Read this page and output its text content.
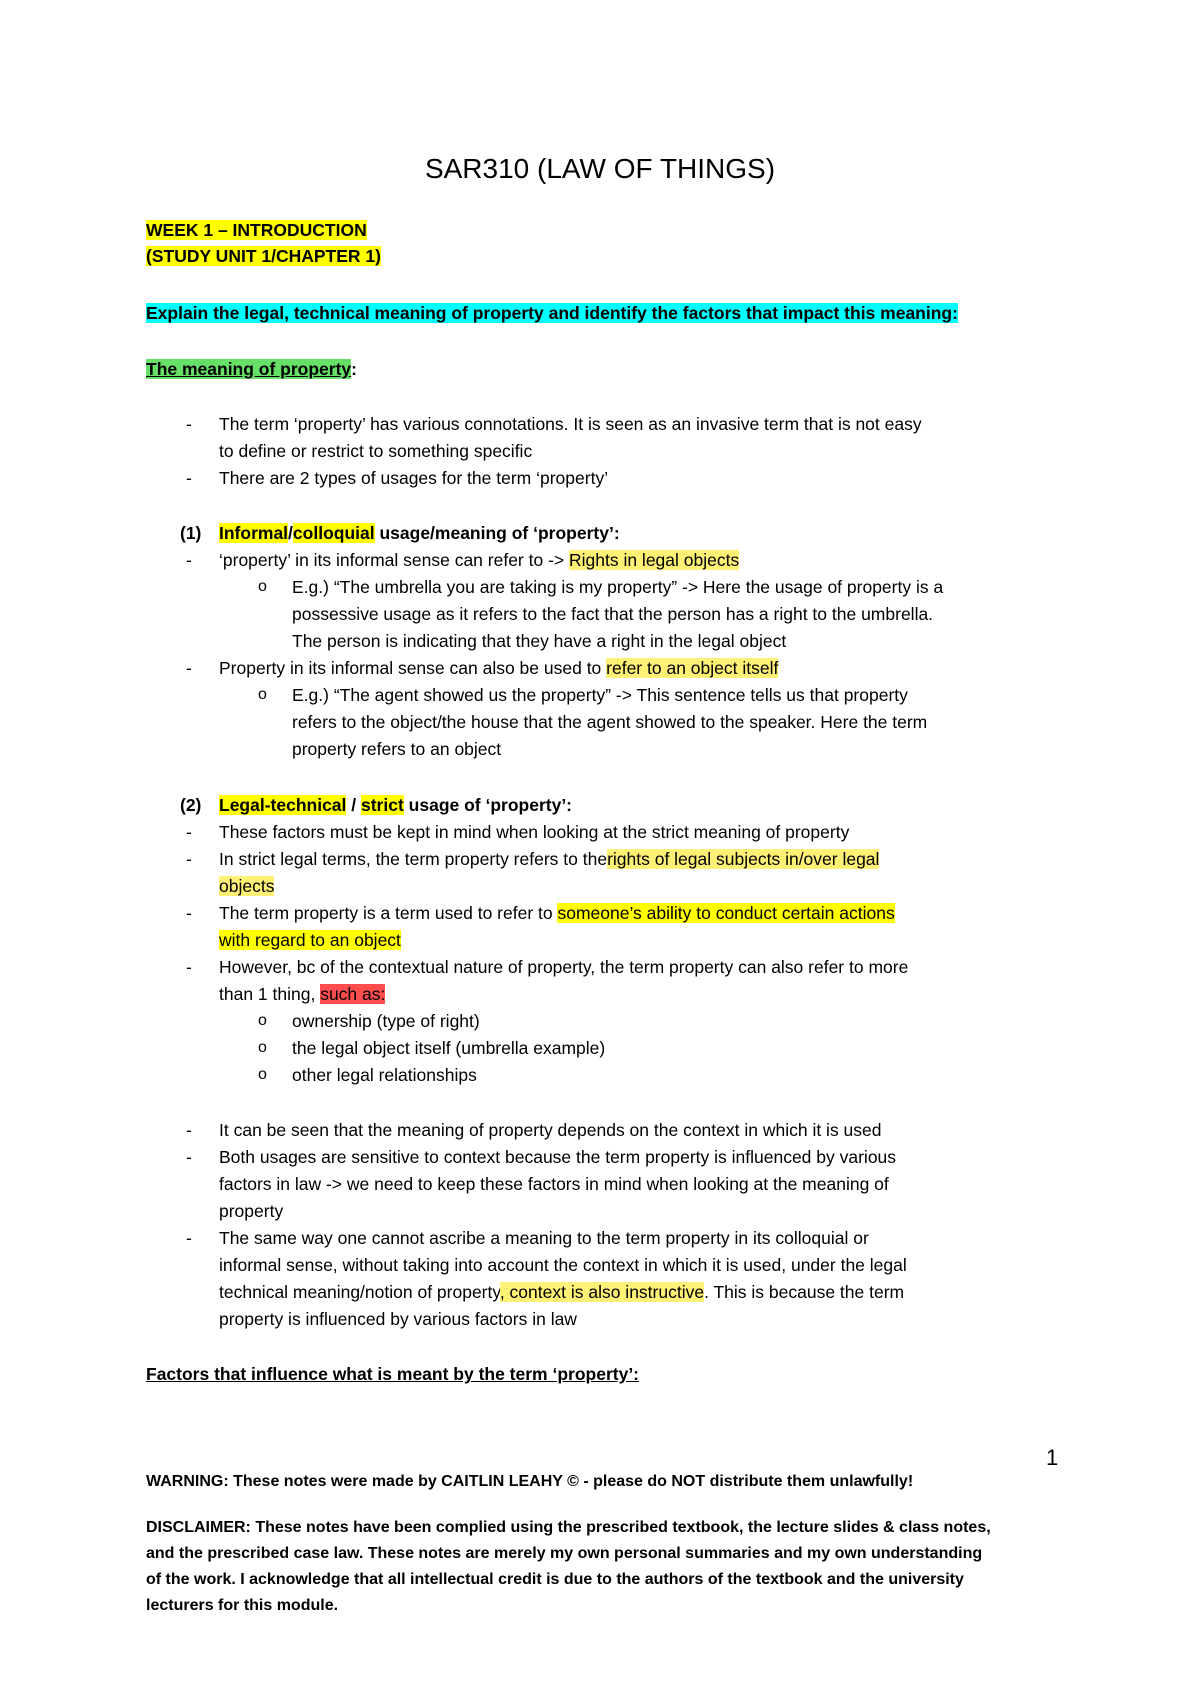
SAR310 (LAW OF THINGS)
WEEK 1 – INTRODUCTION
(STUDY UNIT 1/CHAPTER 1)
Explain the legal, technical meaning of property and identify the factors that impact this meaning:
The meaning of property:
- The term ‘property’ has various connotations. It is seen as an invasive term that is not easy
to define or restrict to something specific
- There are 2 types of usages for the term ‘property’
(1) Informal/colloquial usage/meaning of ‘property’:
- ‘property’ in its informal sense can refer to -> Rights in legal objects
o E.g.) “The umbrella you are taking is my property” -> Here the usage of property is a
possessive usage as it refers to the fact that the person has a right to the umbrella.
The person is indicating that they have a right in the legal object
- Property in its informal sense can also be used to refer to an object itself
o E.g.) “The agent showed us the property” -> This sentence tells us that property
refers to the object/the house that the agent showed to the speaker. Here the term
property refers to an object
(2) Legal-technical / strict usage of ‘property’:
- These factors must be kept in mind when looking at the strict meaning of property
- In strict legal terms, the term property refers to therights of legal subjects in/over legal
objects
- The term property is a term used to refer to someone’s ability to conduct certain actions
with regard to an object
- However, bc of the contextual nature of property, the term property can also refer to more
than 1 thing, such as:
o ownership (type of right)
o the legal object itself (umbrella example)
o other legal relationships
- It can be seen that the meaning of property depends on the context in which it is used
- Both usages are sensitive to context because the term property is influenced by various
factors in law -> we need to keep these factors in mind when looking at the meaning of
property
- The same way one cannot ascribe a meaning to the term property in its colloquial or
informal sense, without taking into account the context in which it is used, under the legal
technical meaning/notion of property, context is also instructive. This is because the term
property is influenced by various factors in law
Factors that influence what is meant by the term ‘property’:
1
WARNING: These notes were made by CAITLIN LEAHY © - please do NOT distribute them unlawfully!
DISCLAIMER: These notes have been complied using the prescribed textbook, the lecture slides & class notes,
and the prescribed case law. These notes are merely my own personal summaries and my own understanding
of the work. I acknowledge that all intellectual credit is due to the authors of the textbook and the university
lecturers for this module.
